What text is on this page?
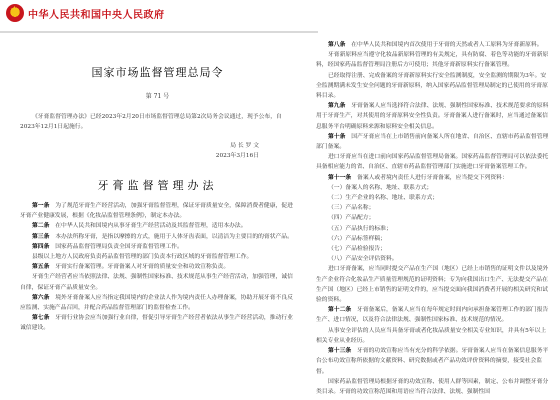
★
中华人民共和国中央人民政府
国家市场监督管理总局令
第 71 号
《牙膏监督管理办法》已经2023年2月20日市场监督管理总局第2次局务会议通过，现予公布，自2023年12月1日起施行。
局 长 罗 文
2023年3月16日
牙膏监督管理办法
第一条　 为了规范牙膏生产经营活动，加强牙膏监督管理，保证牙膏质量安全，保障消费者健康，促进牙膏产业健康发展，根据《化妆品监督管理条例》，制定本办法。
第二条　 在中华人民共和国境内从事牙膏生产经营活动及其监督管理，适用本办法。
第三条　 本办法所称牙膏，是指以摩擦的方式，施用于人体牙齿表面，以清洁为主要目的的膏状产品。
第四条　 国家药品监督管理局负责全国牙膏监督管理工作。
县级以上地方人民政府负责药品监督管理的部门负责本行政区域的牙膏监督管理工作。
第五条　 牙膏实行备案管理。牙膏备案人对牙膏的质量安全和功效宣称负责。
牙膏生产经营者应当依照法律、法规、强制性国家标准、技术规范从事生产经营活动，加强管理，诚信自律，保证牙膏产品质量安全。
第六条　 境外牙膏备案人应当指定我国境内的企业法人作为境内责任人办理备案，协助开展牙膏不良反应监测、实施产品召回，并配合药品监督管理部门的监督检查工作。
第七条　 牙膏行业协会应当加强行业自律，督促引导牙膏生产经营者依法从事生产经营活动，推动行业诚信建设。
第八条　 在中华人民共和国境内首次使用于牙膏的天然或者人工原料为牙膏新原料。
牙膏新原料应当遵守化妆品新原料管理的有关规定，具有防腐、着色等功能的牙膏新原料，经国家药品监督管理局注册后方可使用；其他牙膏新原料实行备案管理。
已经取得注册、完成备案的牙膏新原料实行安全监测制度，安全监测的期限为3年。安全监测期满未发生安全问题的牙膏新原料，纳入国家药品监督管理局制定的已使用的牙膏原料目录。
第九条　 牙膏备案人应当选择符合法律、法规、强制性国家标准、技术规范要求的原料用于牙膏生产，对其使用的牙膏原料安全性负责。牙膏备案人进行备案时，应当通过备案信息服务平台明确原料来源和原料安全相关信息。
第十条　 国产牙膏应当在上市销售前向备案人所在地省、自治区、直辖市药品监督管理部门备案。
进口牙膏应当在进口前向国家药品监督管理局备案。国家药品监督管理局可以依法委托具备相应能力的省、自治区、直辖市药品监督管理部门实施进口牙膏备案管理工作。
第十一条　 备案人或者境内责任人进行牙膏备案，应当提交下列资料：
（一）备案人的名称、地址、联系方式；
（二）生产企业的名称、地址、联系方式；
（三）产品名称；
（四）产品配方；
（五）产品执行的标准；
（六）产品标签样稿；
（七）产品检验报告；
（八）产品安全评估资料。
进口牙膏备案，应当同时提交产品在生产国（地区）已经上市销售的证明文件以及境外生产企业符合化妆品生产质量管理规范的证明资料；专为向我国出口生产、无法提交产品在生产国（地区）已经上市销售的证明文件的，应当提交面向我国消费者开展的相关研究和试验的资料。
第十二条　 牙膏备案后，备案人应当在每年规定时间内向承担备案管理工作的部门报告生产、进口情况，以及符合法律法规、强制性国家标准、技术规范的情况。
从事安全评估的人员应当具备牙膏或者化妆品质量安全相关专业知识，并具有5年以上相关专业从业经历。
第十三条　 牙膏的功效宣称应当有充分的科学依据。牙膏备案人应当在备案信息服务平台公布功效宣称所依据的文献资料、研究数据或者产品功效评价资料的摘要，接受社会监督。
国家药品监督管理局根据牙膏的功效宣称、使用人群等因素，制定、公布并调整牙膏分类目录。牙膏的功效宣称范围和用语应当符合法律、法规、强制性国
